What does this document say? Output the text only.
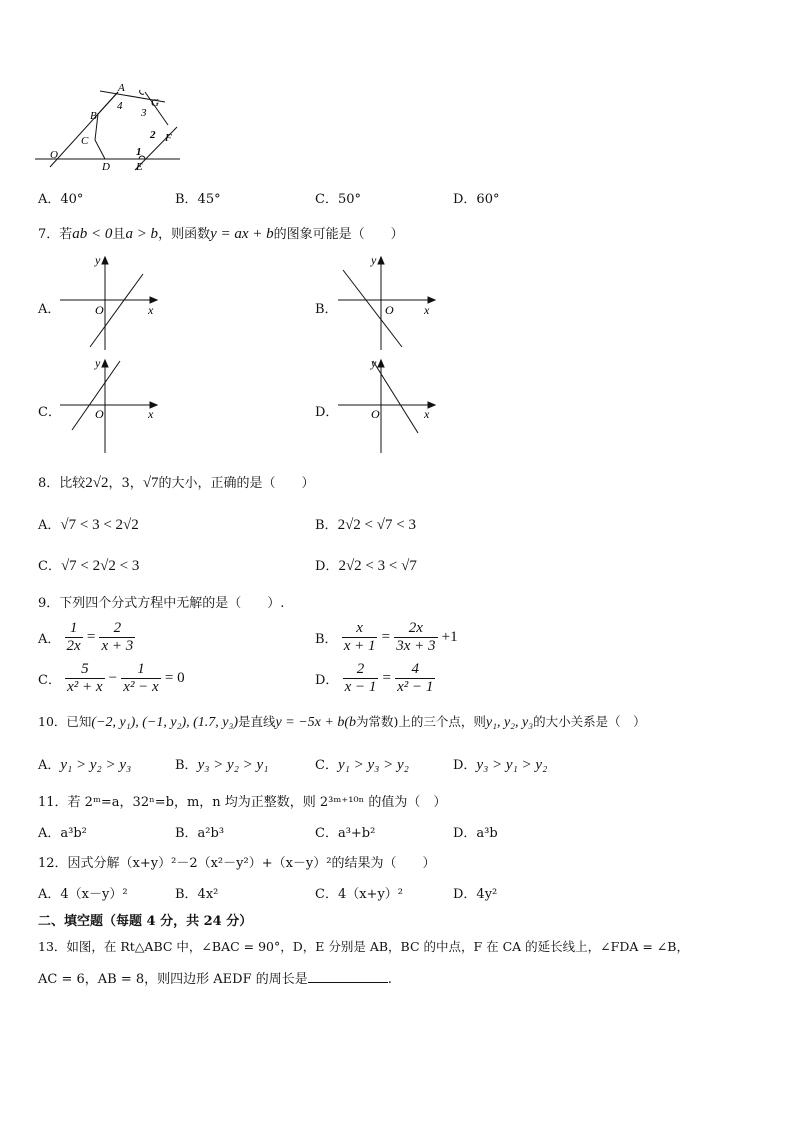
A
4	G
3
B
C	2 F
O	1
D E
A．40°	B．45°	C．50°	D．60°
7．若ab < 0且a > b，则函数y = ax + b的图象可能是（　　）
A．	B．
C．	D．
y
O	x
y
O	x
y
O	x
y
O	x
8．比较2√2，3，√7的大小，正确的是（　　）
A．√7 < 3 < 2√2	B．2√2 < √7 < 3
C．√7 < 2√2 < 3	D．2√2 < 3 < √7
9．下列四个分式方程中无解的是（　　）.
A． $\frac{1}{2x} = \frac{2}{x + 3}$	B． $\frac{x}{x + 1} = \frac{2x}{3x + 3} +1$
C． $\frac{5}{\text{x² + x}} - \frac{1}{\text{x² − x}} = 0$	D． $\frac{2}{x - 1} = \frac{4}{\text{x² − 1}}$
10．已知(−2, y₁), (−1, y₂), (1.7, y₃)是直线y = −5x + b(b为常数)上的三个点，则y₁, y₂, y₃的大小关系是（　）
A．y₁ > y₂ > y₃	B．y₃ > y₂ > y₁	C．y₁ > y₃ > y₂	D．y₃ > y₁ > y₂
11．若 2ᵐ=a，32ⁿ=b，m，n 均为正整数，则 2³ᵐ⁺¹⁰ⁿ 的值为（　）
A．a³b²	B．a²b³	C．a³+b²	D．a³b
12．因式分解（x+y）²－2（x²－y²）+（x－y）²的结果为（　　）
A．4（x－y）²	B．4x²	C．4（x+y）²	D．4y²
二、填空题（每题 4 分，共 24 分）
13．如图，在 Rt△ABC 中，∠BAC = 90°，D，E 分别是 AB，BC 的中点，F 在 CA 的延长线上，∠FDA = ∠B，
AC = 6，AB = 8，则四边形 AEDF 的周长是	.
